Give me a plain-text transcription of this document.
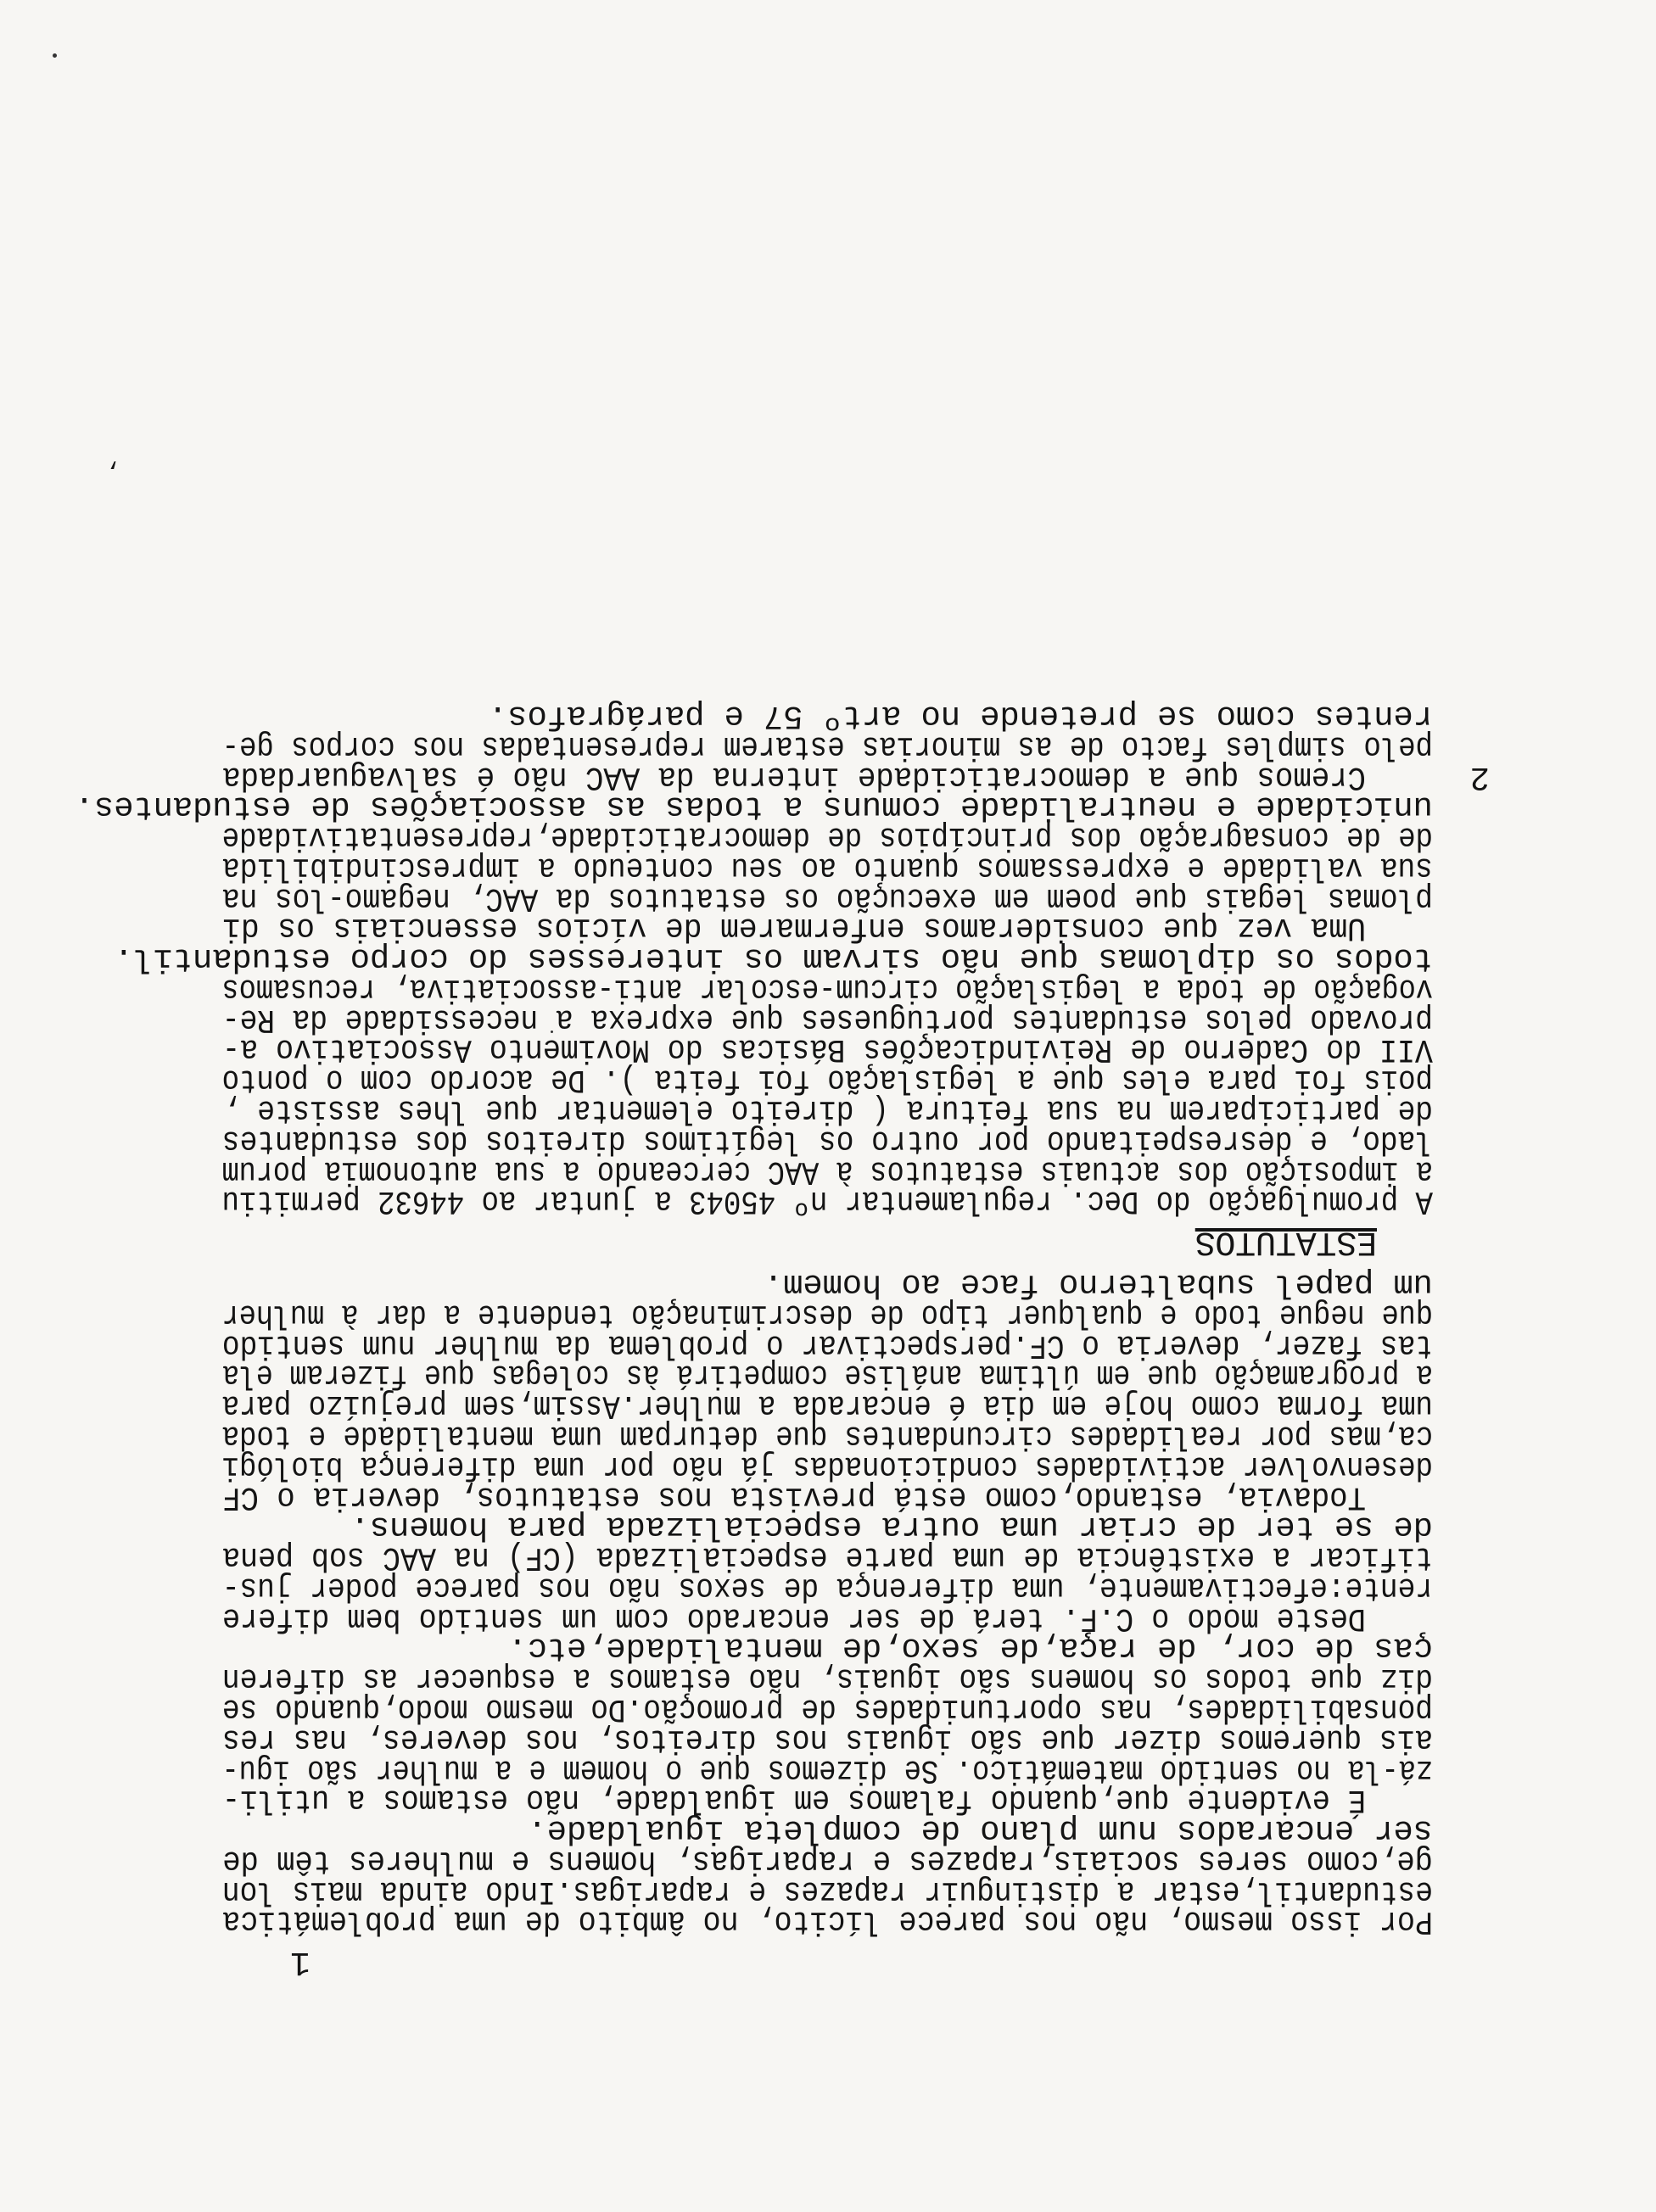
1
,
Por isso mesmo, não nos parece lícito, no âmbito de uma problemática
estudantil,estar a distinguir rapazes e raparigas.Indo ainda mais lon
ge,como seres sociais,rapazes e raparigas, homens e mulheres têm de
ser encarados num plano de completa igualdade.
É evidente que,quando falamos em igualdade, não estamos a utili-
zá-la no sentido matemático. Se dizemos que o homem e a mulher são igu-
ais queremos dizer que são iguais nos direitos, nos deveres, nas res
ponsabilidades, nas oportunidades de promoção.Do mesmo modo,quando se
diz que todos os homens são iguais, não estamos a esquecer as diferen
ças de cor, de raça,de sexo,de mentalidade,etc.
Deste modo o C.F. terá de ser encarado com um sentido bem difere
rente:efectivamente, uma diferença de sexos não nos parece poder jus-
tificar a existência de uma parte especializada (CF) na AAC sob pena
de se ter de criar uma outra especializada para homens.
Todavia, estando,como está prevista nos estatutos, deveria o CF
desenvolver actividades condicionadas já não por uma diferença biológi
ca,mas por realidades circundantes que deturpam uma mentalidade e toda
uma forma como hoje em dia é encarada a mulher.Assim,sem prejuízo para
a programação que em última análise competirá às colegas que fizeram ela
tas fazer, deveria o CF.perspectivar o problema da mulher num sentido
que negue todo e qualquer tipo de descriminação tendente a dar à mulher
um papel subalterno face ao homem.
ESTATUTOS
A promulgação do Dec. regulamentar nº 45043 a juntar ao 44632 permitiu
a imposição dos actuais estatutos à AAC cerceando a sua autonomia porum
lado, e desrespeitando por outro os legítimos direitos dos estudantes
de participarem na sua feitura ( direito elementar que lhes assiste ,
pois foi para eles que a legislação foi feita ). De acordo com o ponto
VII do Caderno de Reivindicações Básicas do Movimento Associativo a-
provado pelos estudantes portugueses que exprexa a necessidade da Re-
vogação de toda a legislação circum-escolar anti-associativa, recusamos
todos os diplomas que não sirvam os interesses do corpo estudantil.
Uma vez que consideramos enfermarem de vícios essenciais os di
plomas legais que poem em execução os estatutos da AAC, negamo-los na
sua validade e expressamos quanto ao seu conteudo a imprescindibilida
de de consagração dos princípios de democraticidade,representatividade
unicidade e neutralidade comuns a todas as associações de estudantes.
2
Cremos que a democraticidade interna da AAC não é salvaguardada
pelo simples facto de as minorias estarem representadas nos corpos ge-
rentes como se pretende no artº 57 e parágrafos.
